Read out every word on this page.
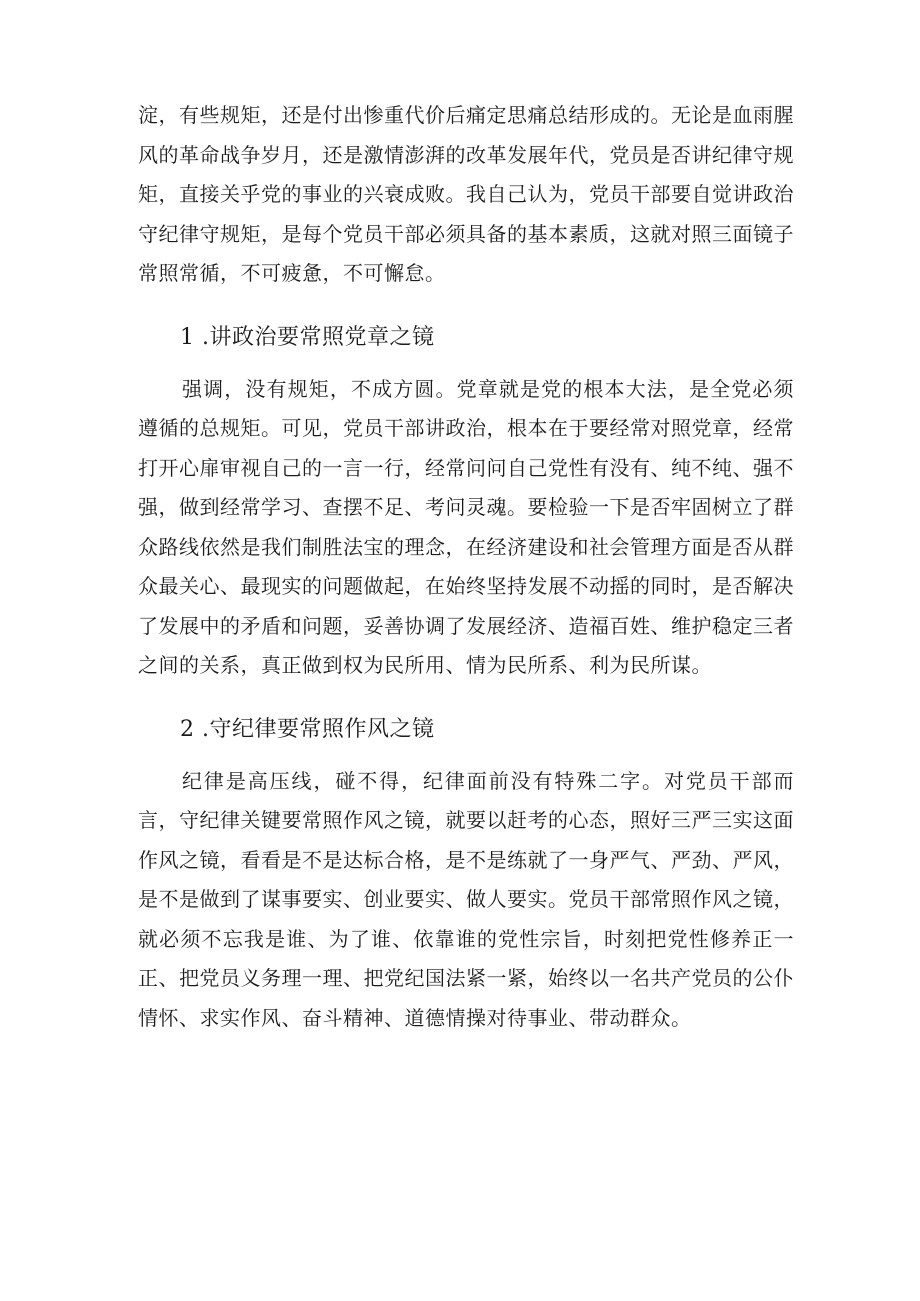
淀，有些规矩，还是付出惨重代价后痛定思痛总结形成的。无论是血雨腥风的革命战争岁月，还是激情澎湃的改革发展年代，党员是否讲纪律守规矩，直接关乎党的事业的兴衰成败。我自己认为，党员干部要自觉讲政治守纪律守规矩，是每个党员干部必须具备的基本素质，这就对照三面镜子常照常循，不可疲惫，不可懈怠。

1 .讲政治要常照党章之镜

强调，没有规矩，不成方圆。党章就是党的根本大法，是全党必须遵循的总规矩。可见，党员干部讲政治，根本在于要经常对照党章，经常打开心扉审视自己的一言一行，经常问问自己党性有没有、纯不纯、强不强，做到经常学习、查摆不足、考问灵魂。要检验一下是否牢固树立了群众路线依然是我们制胜法宝的理念，在经济建设和社会管理方面是否从群众最关心、最现实的问题做起，在始终坚持发展不动摇的同时，是否解决了发展中的矛盾和问题，妥善协调了发展经济、造福百姓、维护稳定三者之间的关系，真正做到权为民所用、情为民所系、利为民所谋。

2 .守纪律要常照作风之镜

纪律是高压线，碰不得，纪律面前没有特殊二字。对党员干部而言，守纪律关键要常照作风之镜，就要以赶考的心态，照好三严三实这面作风之镜，看看是不是达标合格，是不是练就了一身严气、严劲、严风，是不是做到了谋事要实、创业要实、做人要实。党员干部常照作风之镜，就必须不忘我是谁、为了谁、依靠谁的党性宗旨，时刻把党性修养正一正、把党员义务理一理、把党纪国法紧一紧，始终以一名共产党员的公仆情怀、求实作风、奋斗精神、道德情操对待事业、带动群众。
